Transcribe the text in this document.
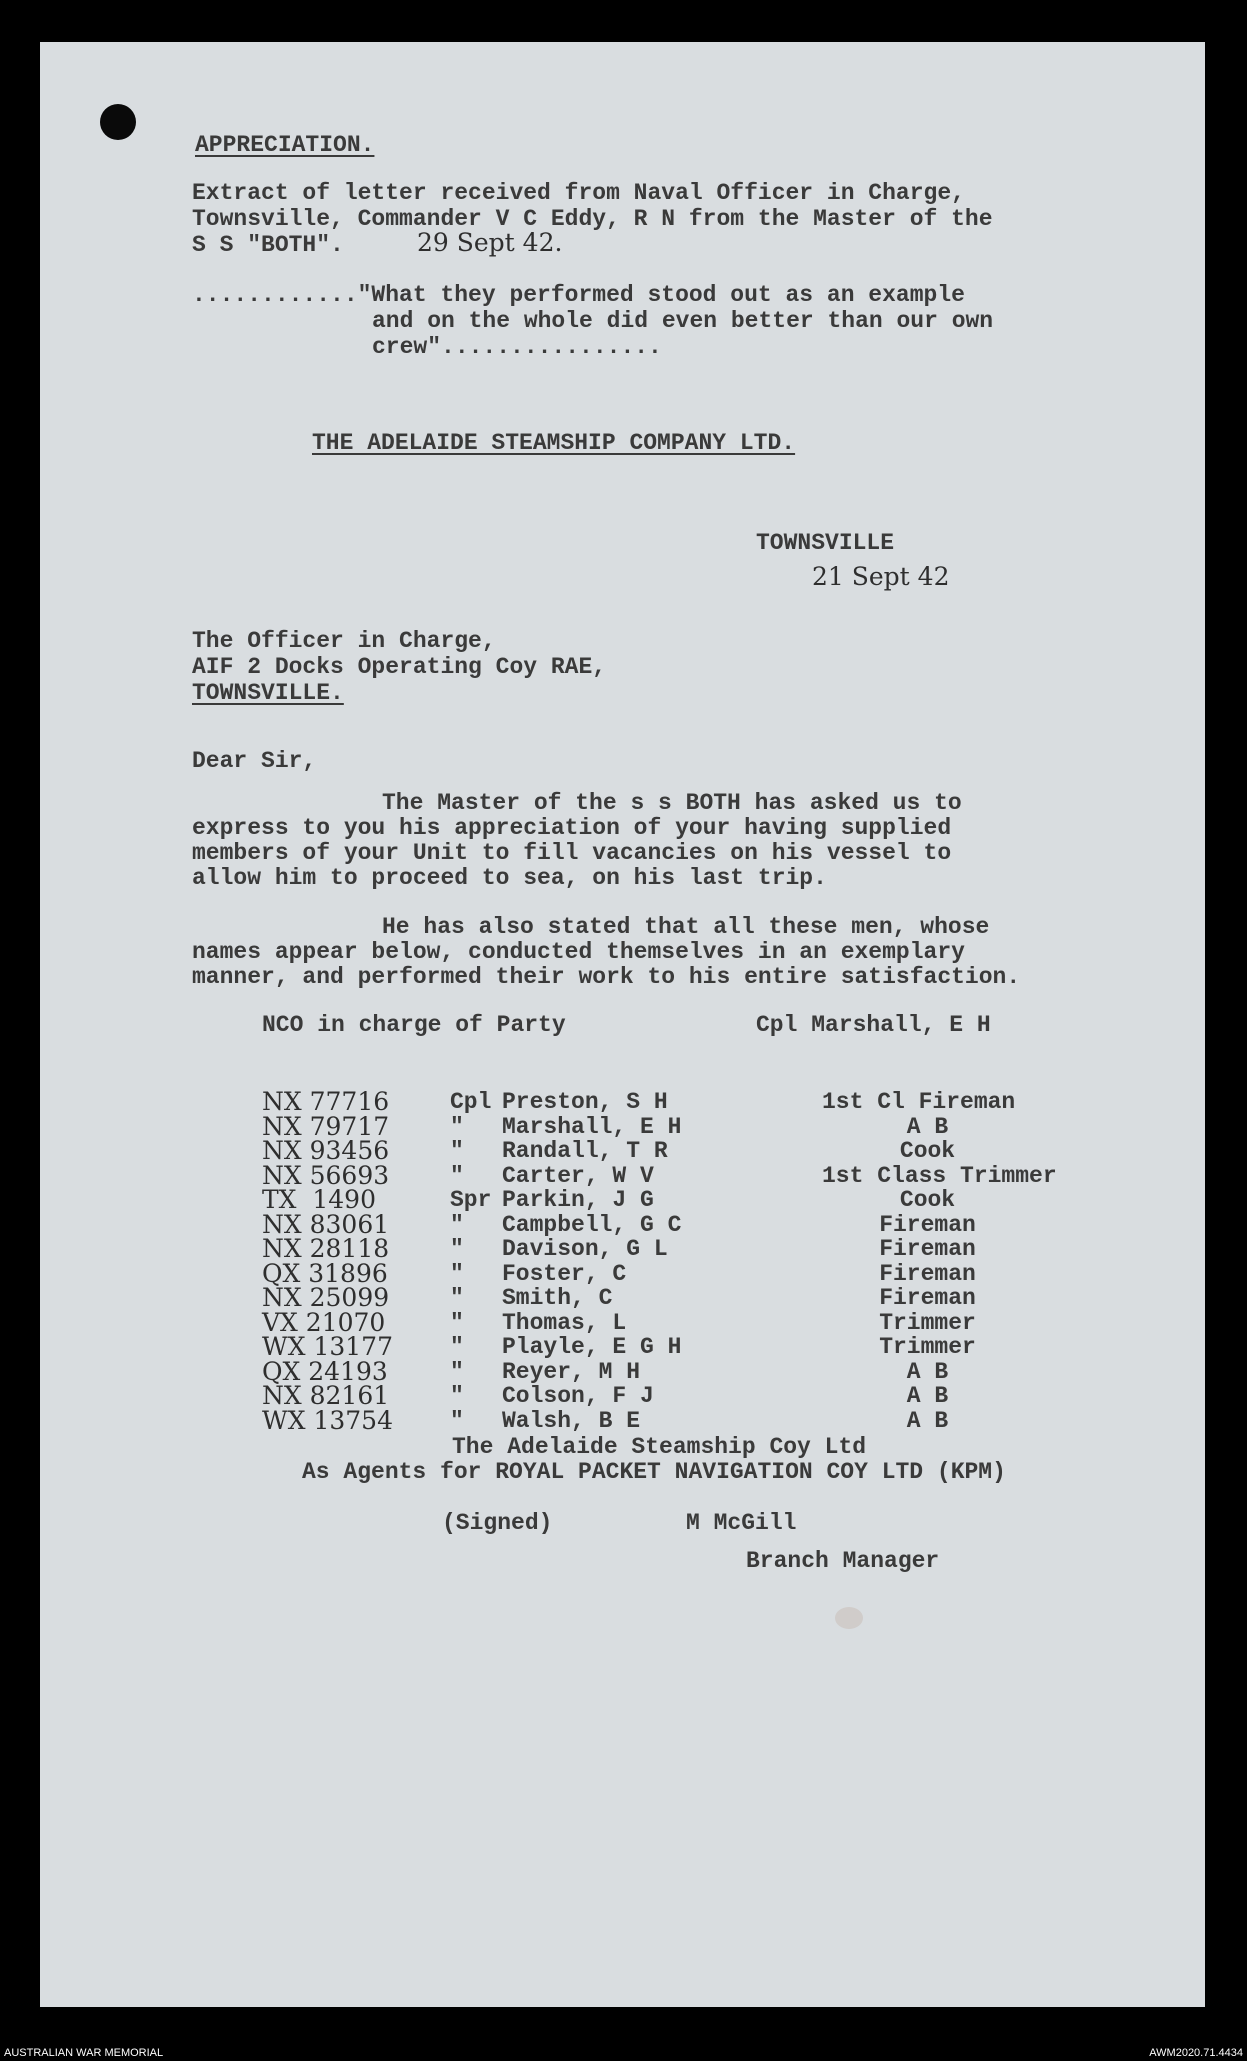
APPRECIATION.
Extract of letter received from Naval Officer in Charge,
Townsville, Commander V C Eddy, R N from the Master of the
S S "BOTH".	29 Sept 42.
............"What they performed stood out as an example
and on the whole did even better than our own
crew"................
THE ADELAIDE STEAMSHIP COMPANY LTD.
TOWNSVILLE
21 Sept 42
The Officer in Charge,
AIF 2 Docks Operating Coy RAE,
TOWNSVILLE.
Dear Sir,
The Master of the s s BOTH has asked us to
express to you his appreciation of your having supplied
members of your Unit to fill vacancies on his vessel to
allow him to proceed to sea, on his last trip.
He has also stated that all these men, whose
names appear below, conducted themselves in an exemplary
manner, and performed their work to his entire satisfaction.
NCO in charge of Party	Cpl Marshall, E H
NX 77716	Cpl Preston, S H	1st Cl Fireman
NX 79717	" Marshall, E H	A B
NX 93456	" Randall, T R	Cook
NX 56693	" Carter, W V	1st Class Trimmer
TX  1490	Spr Parkin, J G	Cook
NX 83061	" Campbell, G C	Fireman
NX 28118	" Davison, G L	Fireman
QX 31896	" Foster, C	Fireman
NX 25099	" Smith, C	Fireman
VX 21070	" Thomas, L	Trimmer
WX 13177 " Playle, E G H	Trimmer
QX 24193	" Reyer, M H	A B
NX 82161	" Colson, F J	A B
WX 13754 " Walsh, B E	A B
The Adelaide Steamship Coy Ltd
As Agents for ROYAL PACKET NAVIGATION COY LTD (KPM)
(Signed)	M McGill
Branch Manager
AUSTRALIAN WAR MEMORIAL	AWM2020.71.4434
